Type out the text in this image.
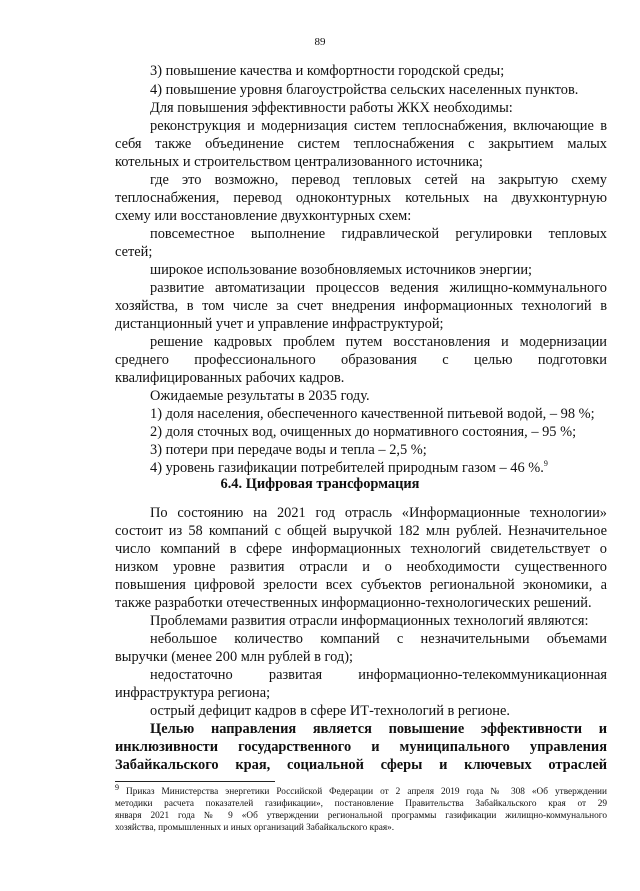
89
3) повышение качества и комфортности городской среды;
4) повышение уровня благоустройства сельских населенных пунктов.
Для повышения эффективности работы ЖКХ необходимы:
реконструкция и модернизация систем теплоснабжения, включающие в
себя также объединение систем теплоснабжения с закрытием малых
котельных и строительством централизованного источника;
где это возможно, перевод тепловых сетей на закрытую схему
теплоснабжения, перевод одноконтурных котельных на двухконтурную
схему или восстановление двухконтурных схем:
повсеместное выполнение гидравлической регулировки тепловых
сетей;
широкое использование возобновляемых источников энергии;
развитие автоматизации процессов ведения жилищно-коммунального
хозяйства, в том числе за счет внедрения информационных технологий в
дистанционный учет и управление инфраструктурой;
решение кадровых проблем путем восстановления и модернизации
среднего профессионального образования с целью подготовки
квалифицированных рабочих кадров.
Ожидаемые результаты в 2035 году.
1) доля населения, обеспеченного качественной питьевой водой, – 98 %;
2) доля сточных вод, очищенных до нормативного состояния, – 95 %;
3) потери при передаче воды и тепла – 2,5 %;
4) уровень газификации потребителей природным газом – 46 %.$^9$
6.4. Цифровая трансформация
По состоянию на 2021 год отрасль «Информационные технологии»
состоит из 58 компаний с общей выручкой 182 млн рублей. Незначительное
число компаний в сфере информационных технологий свидетельствует о
низком уровне развития отрасли и о необходимости существенного
повышения цифровой зрелости всех субъектов региональной экономики, а
также разработки отечественных информационно-технологических решений.
Проблемами развития отрасли информационных технологий являются:
небольшое количество компаний с незначительными объемами
выручки (менее 200 млн рублей в год);
недостаточно развитая информационно-телекоммуникационная
инфраструктура региона;
острый дефицит кадров в сфере ИТ-технологий в регионе.
Целью направления является повышение эффективности и
инклюзивности государственного и муниципального управления
Забайкальского края, социальной сферы и ключевых отраслей
$^9$ Приказ Министерства энергетики Российской Федерации от 2 апреля 2019 года № 308 «Об утверждении
методики расчета показателей газификации», постановление Правительства Забайкальского края от 29
января 2021 года № 9 «Об утверждении региональной программы газификации жилищно-коммунального
хозяйства, промышленных и иных организаций Забайкальского края».
